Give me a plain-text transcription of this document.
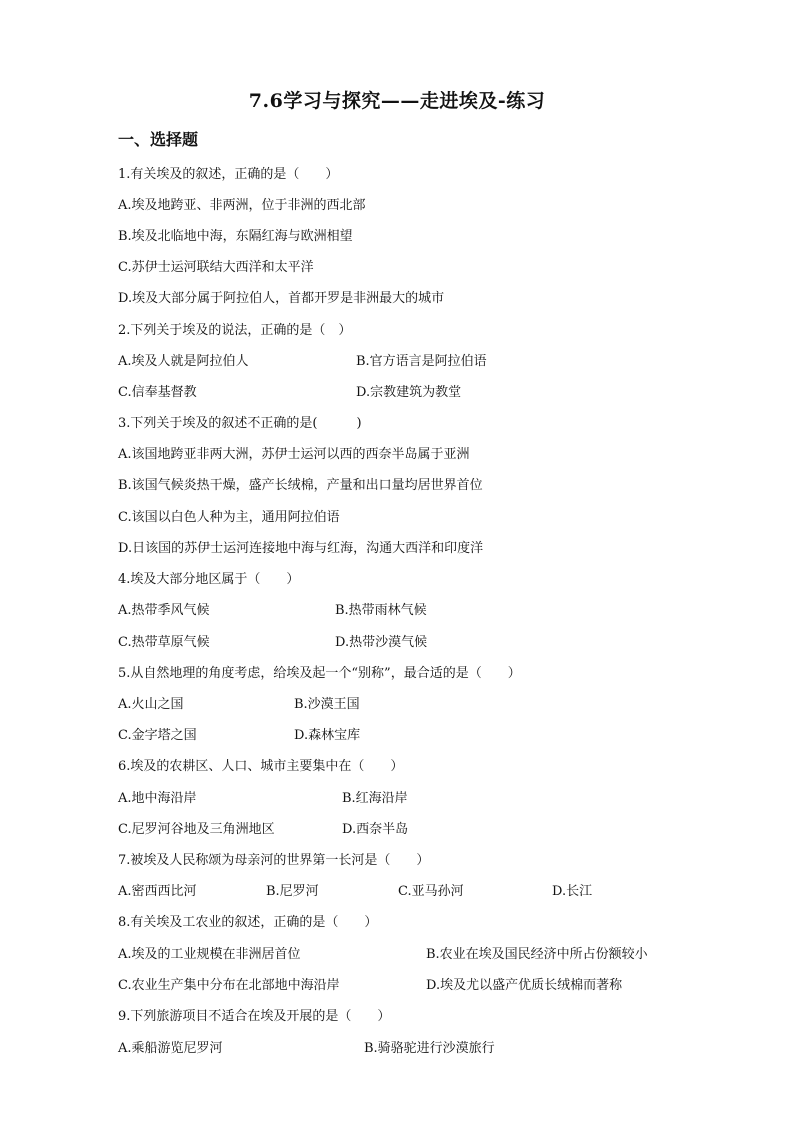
7.6学习与探究——走进埃及-练习
一、选择题
1.有关埃及的叙述，正确的是（　　）
A.埃及地跨亚、非两洲，位于非洲的西北部
B.埃及北临地中海，东隔红海与欧洲相望
C.苏伊士运河联结大西洋和太平洋
D.埃及大部分属于阿拉伯人，首都开罗是非洲最大的城市
2.下列关于埃及的说法，正确的是（　）
A.埃及人就是阿拉伯人	B.官方语言是阿拉伯语
C.信奉基督教	D.宗教建筑为教堂
3.下列关于埃及的叙述不正确的是(　　　)
A.该国地跨亚非两大洲，苏伊士运河以西的西奈半岛属于亚洲
B.该国气候炎热干燥，盛产长绒棉，产量和出口量均居世界首位
C.该国以白色人种为主，通用阿拉伯语
D.日该国的苏伊士运河连接地中海与红海，沟通大西洋和印度洋
4.埃及大部分地区属于（　　）
A.热带季风气候	B.热带雨林气候
C.热带草原气候	D.热带沙漠气候
5.从自然地理的角度考虑，给埃及起一个“别称”，最合适的是（　　）
A.火山之国	B.沙漠王国
C.金字塔之国	D.森林宝库
6.埃及的农耕区、人口、城市主要集中在（　　）
A.地中海沿岸	B.红海沿岸
C.尼罗河谷地及三角洲地区	D.西奈半岛
7.被埃及人民称颂为母亲河的世界第一长河是（　　）
A.密西西比河	B.尼罗河	C.亚马孙河	D.长江
8.有关埃及工农业的叙述，正确的是（　　）
A.埃及的工业规模在非洲居首位	B.农业在埃及国民经济中所占份额较小
C.农业生产集中分布在北部地中海沿岸	D.埃及尤以盛产优质长绒棉而著称
9.下列旅游项目不适合在埃及开展的是（　　）
A.乘船游览尼罗河	B.骑骆驼进行沙漠旅行
